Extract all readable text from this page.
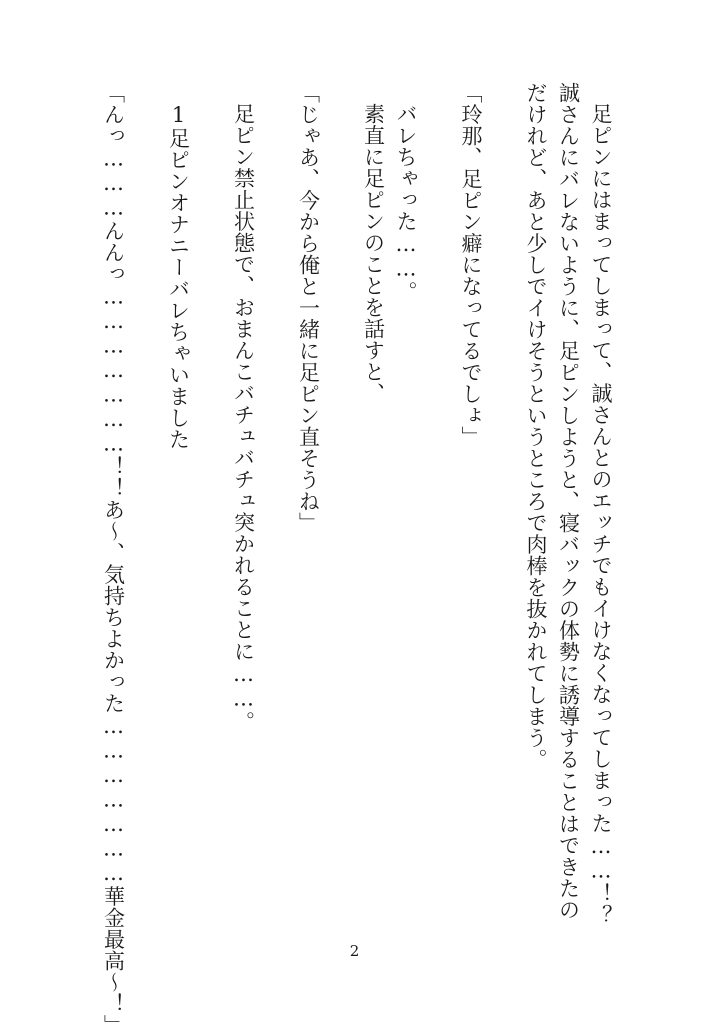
足ピンにはまってしまって、誠さんとのエッチでもイけなくなってしまった……！？
誠さんにバレないように、足ピンしようと、寝バックの体勢に誘導することはできたの
だけれど、あと少しでイけそうというところで肉棒を抜かれてしまう。
「玲那、足ピン癖になってるでしょ」
バレちゃった……。
素直に足ピンのことを話すと、
「じゃあ、今から俺と一緒に足ピン直そうね」
足ピン禁止状態で、おまんこバチュバチュ突かれることに……。
1足ピンオナニーバレちゃいました
「んっ………んんっ…………………！！あ～、気持ちよかった…………………華金最高～！」	2
